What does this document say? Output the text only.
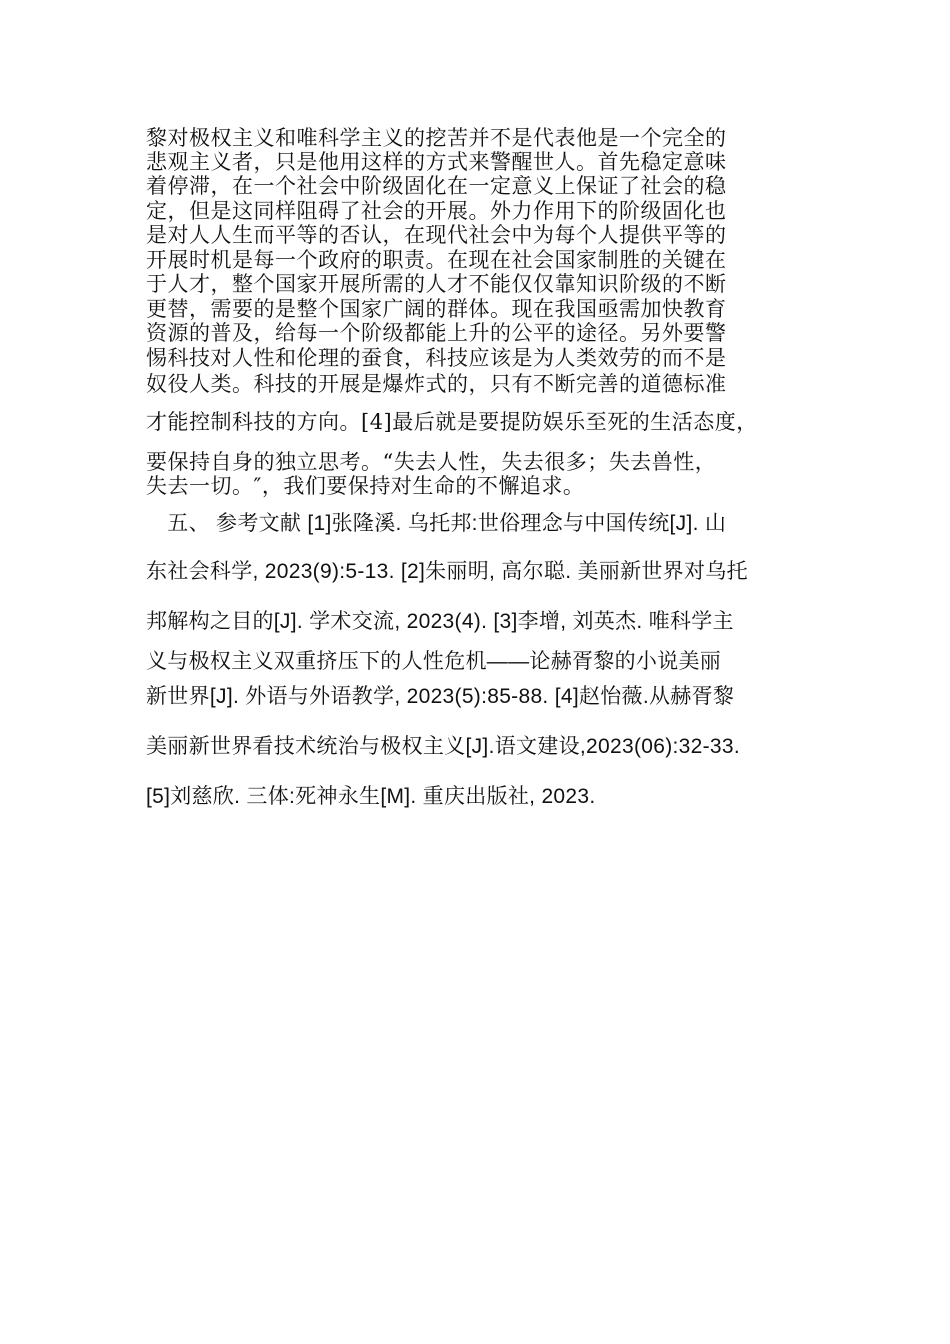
黎对极权主义和唯科学主义的挖苦并不是代表他是一个完全的
悲观主义者，只是他用这样的方式来警醒世人。首先稳定意味
着停滞，在一个社会中阶级固化在一定意义上保证了社会的稳
定，但是这同样阻碍了社会的开展。外力作用下的阶级固化也
是对人人生而平等的否认，在现代社会中为每个人提供平等的
开展时机是每一个政府的职责。在现在社会国家制胜的关键在
于人才，整个国家开展所需的人才不能仅仅靠知识阶级的不断
更替，需要的是整个国家广阔的群体。现在我国亟需加快教育
资源的普及，给每一个阶级都能上升的公平的途径。另外要警
惕科技对人性和伦理的蚕食，科技应该是为人类效劳的而不是
奴役人类。科技的开展是爆炸式的，只有不断完善的道德标准
才能控制科技的方向。[4]最后就是要提防娱乐至死的生活态度，
要保持自身的独立思考。“失去人性，失去很多；失去兽性，
失去一切。″，我们要保持对生命的不懈追求。
　五、 参考文献 [1]张隆溪. 乌托邦:世俗理念与中国传统[J]. 山
东社会科学, 2023(9):5-13. [2]朱丽明, 高尔聪. 美丽新世界对乌托
邦解构之目的[J]. 学术交流, 2023(4). [3]李增, 刘英杰. 唯科学主
义与极权主义双重挤压下的人性危机——论赫胥黎的小说美丽
新世界[J]. 外语与外语教学, 2023(5):85-88. [4]赵怡薇.从赫胥黎
美丽新世界看技术统治与极权主义[J].语文建设,2023(06):32-33.
[5]刘慈欣. 三体:死神永生[M]. 重庆出版社, 2023.
